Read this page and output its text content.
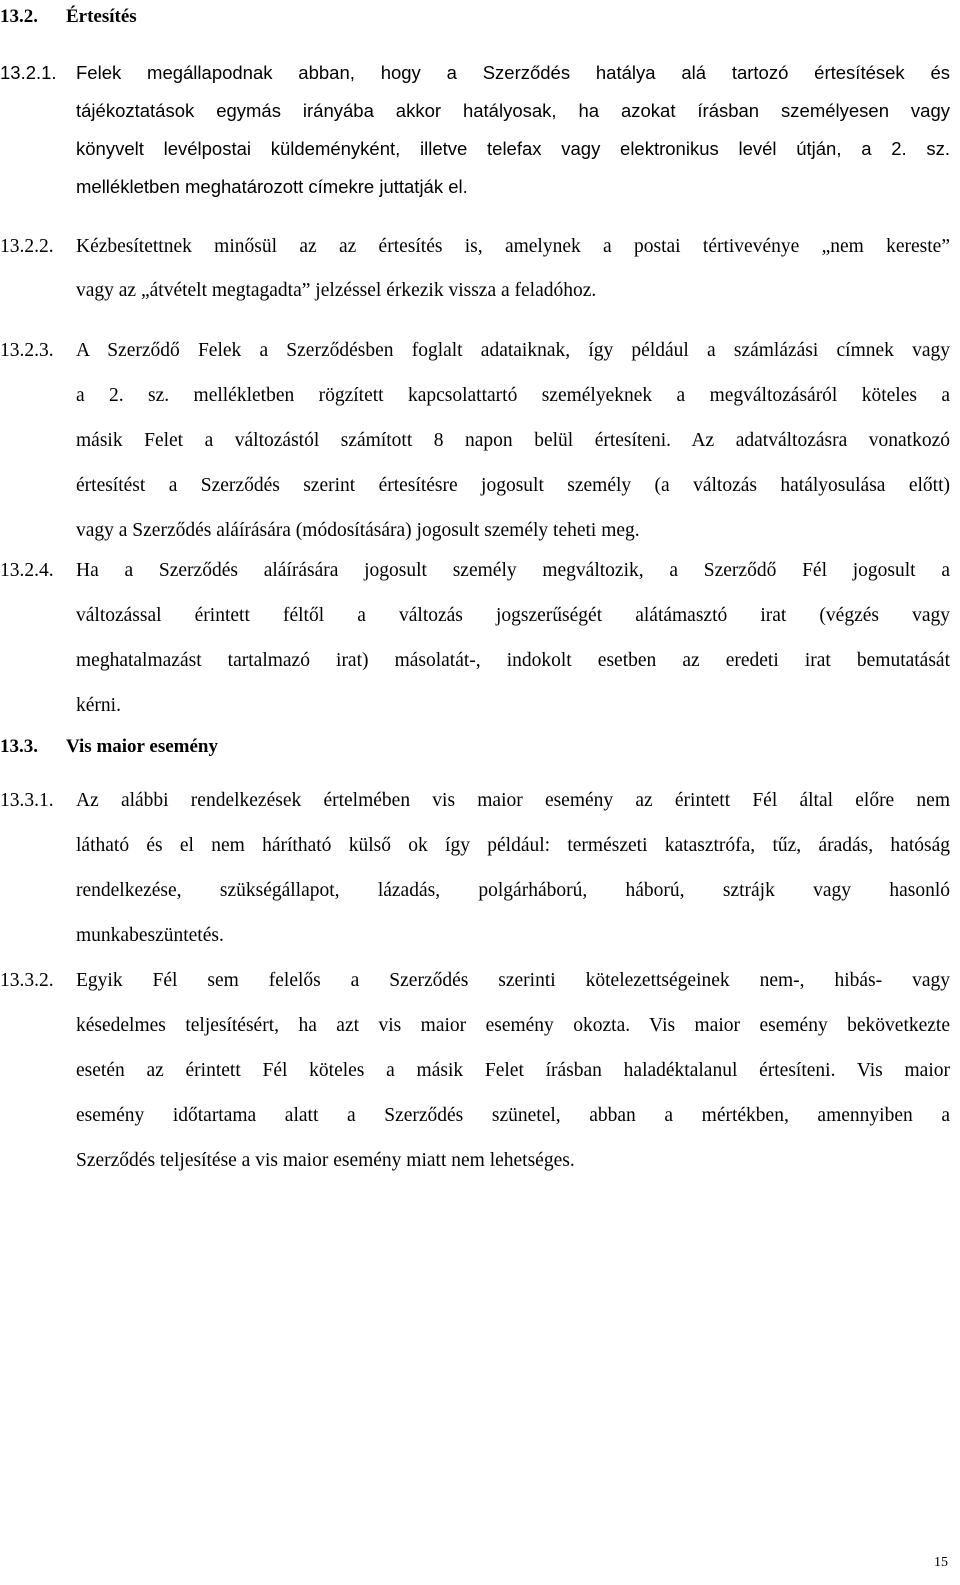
13.2. Értesítés
13.2.1. Felek megállapodnak abban, hogy a Szerződés hatálya alá tartozó értesítések és
tájékoztatások egymás irányába akkor hatályosak, ha azokat írásban személyesen vagy
könyvelt levélpostai küldeményként, illetve telefax vagy elektronikus levél útján, a 2. sz.
mellékletben meghatározott címekre juttatják el.
13.2.2. Kézbesítettnek minősül az az értesítés is, amelynek a postai tértivevénye „nem kereste”
vagy az „átvételt megtagadta” jelzéssel érkezik vissza a feladóhoz.
13.2.3. A Szerződő Felek a Szerződésben foglalt adataiknak, így például a számlázási címnek vagy
a 2. sz. mellékletben rögzített kapcsolattartó személyeknek a megváltozásáról köteles a
másik Felet a változástól számított 8 napon belül értesíteni. Az adatváltozásra vonatkozó
értesítést a Szerződés szerint értesítésre jogosult személy (a változás hatályosulása előtt)
vagy a Szerződés aláírására (módosítására) jogosult személy teheti meg.
13.2.4. Ha a Szerződés aláírására jogosult személy megváltozik, a Szerződő Fél jogosult a
változással érintett féltől a változás jogszerűségét alátámasztó irat (végzés vagy
meghatalmazást tartalmazó irat) másolatát-, indokolt esetben az eredeti irat bemutatását
kérni.
13.3. Vis maior esemény
13.3.1. Az alábbi rendelkezések értelmében vis maior esemény az érintett Fél által előre nem
látható és el nem hárítható külső ok így például: természeti katasztrófa, tűz, áradás, hatóság
rendelkezése, szükségállapot, lázadás, polgárháború, háború, sztrájk vagy hasonló
munkabeszüntetés.
13.3.2. Egyik Fél sem felelős a Szerződés szerinti kötelezettségeinek nem-, hibás- vagy
késedelmes teljesítésért, ha azt vis maior esemény okozta. Vis maior esemény bekövetkezte
esetén az érintett Fél köteles a másik Felet írásban haladéktalanul értesíteni. Vis maior
esemény időtartama alatt a Szerződés szünetel, abban a mértékben, amennyiben a
Szerződés teljesítése a vis maior esemény miatt nem lehetséges.
15
